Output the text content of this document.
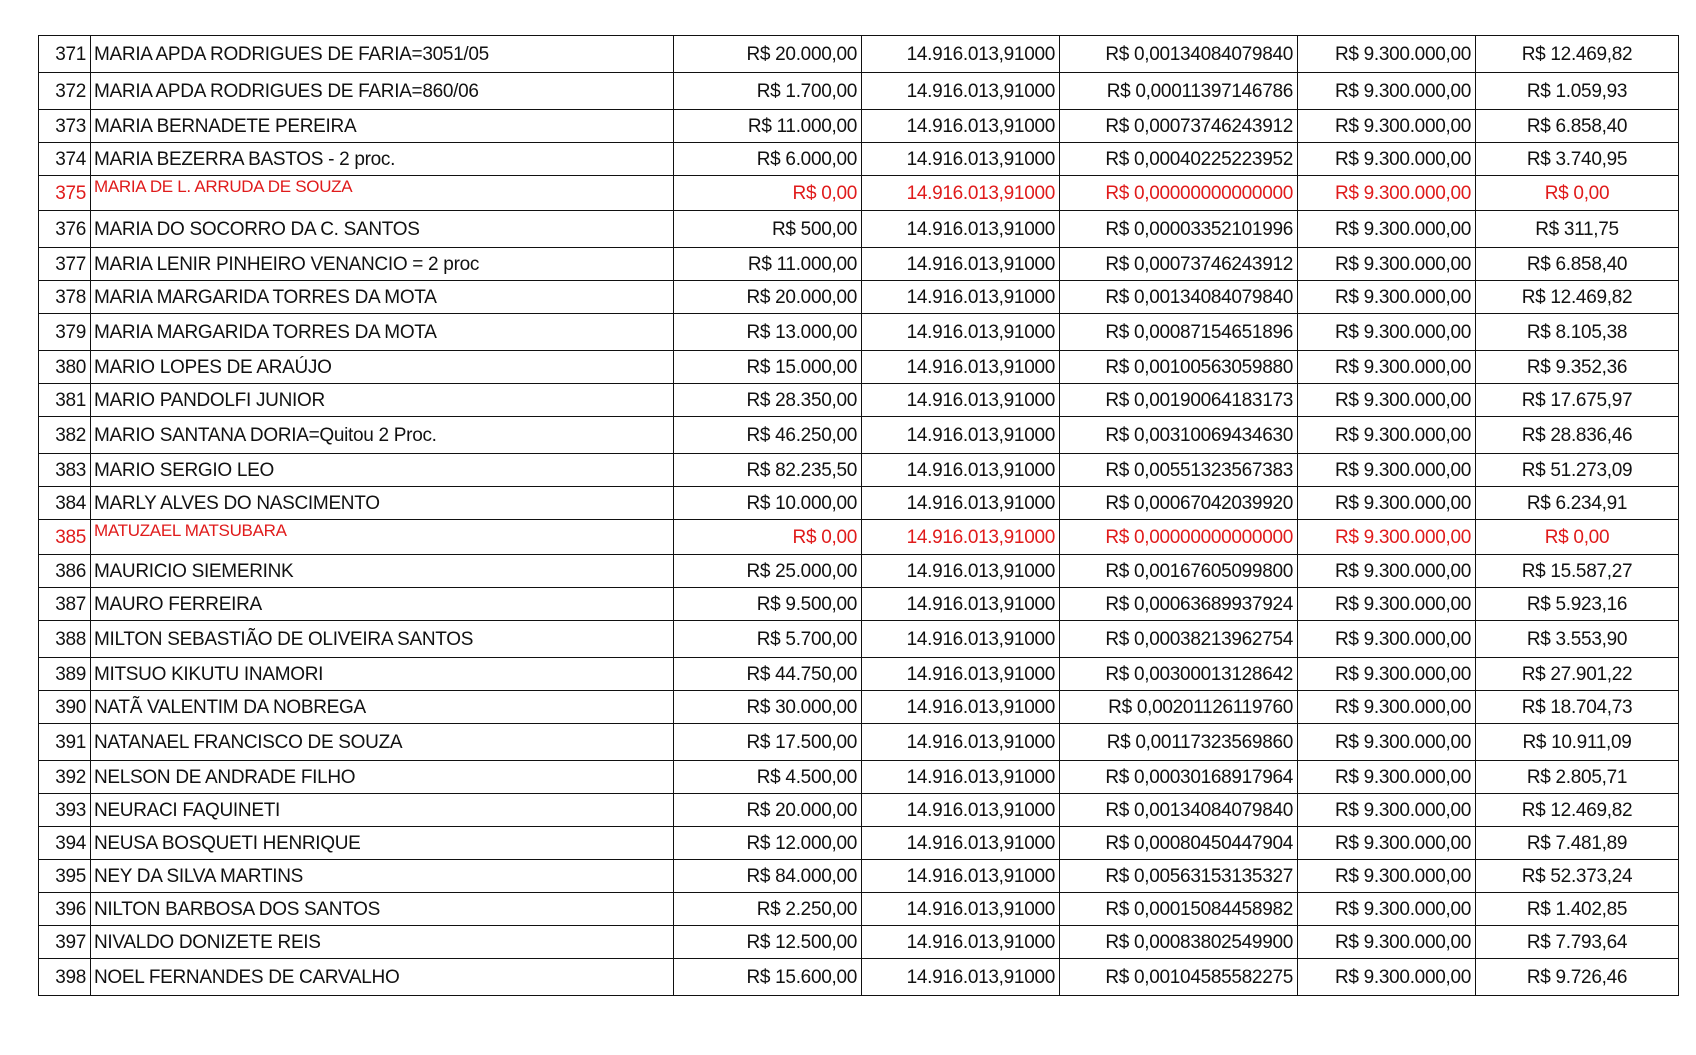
371	MARIA APDA RODRIGUES DE FARIA=3051/05	R$ 20.000,00	14.916.013,91000	R$ 0,00134084079840	R$ 9.300.000,00	R$ 12.469,82
372	MARIA APDA RODRIGUES DE FARIA=860/06	R$ 1.700,00	14.916.013,91000	R$ 0,00011397146786	R$ 9.300.000,00	R$ 1.059,93
373	MARIA BERNADETE PEREIRA	R$ 11.000,00	14.916.013,91000	R$ 0,00073746243912	R$ 9.300.000,00	R$ 6.858,40
374	MARIA BEZERRA BASTOS - 2 proc.	R$ 6.000,00	14.916.013,91000	R$ 0,00040225223952	R$ 9.300.000,00	R$ 3.740,95
375	MARIA DE L. ARRUDA DE SOUZA	R$ 0,00	14.916.013,91000	R$ 0,00000000000000	R$ 9.300.000,00	R$ 0,00
376	MARIA DO SOCORRO DA C. SANTOS	R$ 500,00	14.916.013,91000	R$ 0,00003352101996	R$ 9.300.000,00	R$ 311,75
377	MARIA LENIR PINHEIRO VENANCIO = 2 proc	R$ 11.000,00	14.916.013,91000	R$ 0,00073746243912	R$ 9.300.000,00	R$ 6.858,40
378	MARIA MARGARIDA TORRES DA MOTA	R$ 20.000,00	14.916.013,91000	R$ 0,00134084079840	R$ 9.300.000,00	R$ 12.469,82
379	MARIA MARGARIDA TORRES DA MOTA	R$ 13.000,00	14.916.013,91000	R$ 0,00087154651896	R$ 9.300.000,00	R$ 8.105,38
380	MARIO LOPES DE ARAÚJO	R$ 15.000,00	14.916.013,91000	R$ 0,00100563059880	R$ 9.300.000,00	R$ 9.352,36
381	MARIO PANDOLFI JUNIOR	R$ 28.350,00	14.916.013,91000	R$ 0,00190064183173	R$ 9.300.000,00	R$ 17.675,97
382	MARIO SANTANA DORIA=Quitou 2 Proc.	R$ 46.250,00	14.916.013,91000	R$ 0,00310069434630	R$ 9.300.000,00	R$ 28.836,46
383	MARIO SERGIO LEO	R$ 82.235,50	14.916.013,91000	R$ 0,00551323567383	R$ 9.300.000,00	R$ 51.273,09
384	MARLY ALVES DO NASCIMENTO	R$ 10.000,00	14.916.013,91000	R$ 0,00067042039920	R$ 9.300.000,00	R$ 6.234,91
385	MATUZAEL MATSUBARA	R$ 0,00	14.916.013,91000	R$ 0,00000000000000	R$ 9.300.000,00	R$ 0,00
386	MAURICIO SIEMERINK	R$ 25.000,00	14.916.013,91000	R$ 0,00167605099800	R$ 9.300.000,00	R$ 15.587,27
387	MAURO FERREIRA	R$ 9.500,00	14.916.013,91000	R$ 0,00063689937924	R$ 9.300.000,00	R$ 5.923,16
388	MILTON SEBASTIÃO DE OLIVEIRA SANTOS	R$ 5.700,00	14.916.013,91000	R$ 0,00038213962754	R$ 9.300.000,00	R$ 3.553,90
389	MITSUO KIKUTU INAMORI	R$ 44.750,00	14.916.013,91000	R$ 0,00300013128642	R$ 9.300.000,00	R$ 27.901,22
390	NATÃ VALENTIM DA NOBREGA	R$ 30.000,00	14.916.013,91000	R$ 0,00201126119760	R$ 9.300.000,00	R$ 18.704,73
391	NATANAEL FRANCISCO DE SOUZA	R$ 17.500,00	14.916.013,91000	R$ 0,00117323569860	R$ 9.300.000,00	R$ 10.911,09
392	NELSON DE ANDRADE FILHO	R$ 4.500,00	14.916.013,91000	R$ 0,00030168917964	R$ 9.300.000,00	R$ 2.805,71
393	NEURACI FAQUINETI	R$ 20.000,00	14.916.013,91000	R$ 0,00134084079840	R$ 9.300.000,00	R$ 12.469,82
394	NEUSA BOSQUETI HENRIQUE	R$ 12.000,00	14.916.013,91000	R$ 0,00080450447904	R$ 9.300.000,00	R$ 7.481,89
395	NEY DA SILVA MARTINS	R$ 84.000,00	14.916.013,91000	R$ 0,00563153135327	R$ 9.300.000,00	R$ 52.373,24
396	NILTON BARBOSA DOS SANTOS	R$ 2.250,00	14.916.013,91000	R$ 0,00015084458982	R$ 9.300.000,00	R$ 1.402,85
397	NIVALDO DONIZETE REIS	R$ 12.500,00	14.916.013,91000	R$ 0,00083802549900	R$ 9.300.000,00	R$ 7.793,64
398	NOEL FERNANDES DE CARVALHO	R$ 15.600,00	14.916.013,91000	R$ 0,00104585582275	R$ 9.300.000,00	R$ 9.726,46
